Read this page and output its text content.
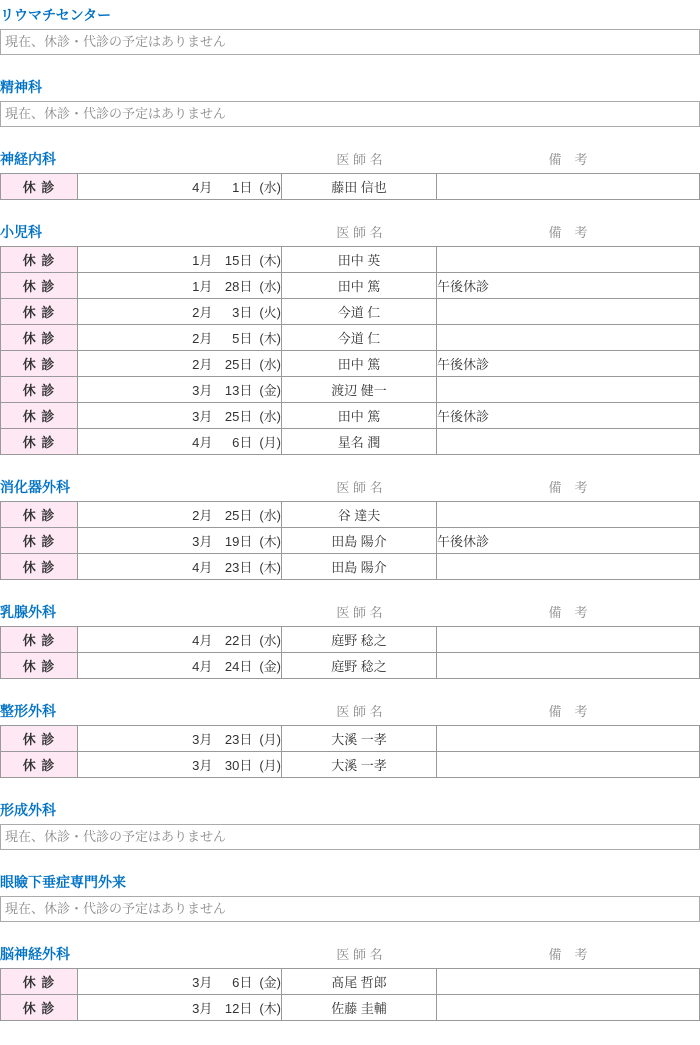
リウマチセンター
現在、休診・代診の予定はありません
精神科
現在、休診・代診の予定はありません
神経内科	医 師 名	備　考
休 診	4月 1日 (水)	藤田 信也	
小児科	医 師 名	備　考
休 診	1月 15日 (木)	田中 英	
休 診	1月 28日 (水)	田中 篤	午後休診
休 診	2月 3日 (火)	今道 仁	
休 診	2月 5日 (木)	今道 仁	
休 診	2月 25日 (水)	田中 篤	午後休診
休 診	3月 13日 (金)	渡辺 健一	
休 診	3月 25日 (水)	田中 篤	午後休診
休 診	4月 6日 (月)	星名 潤	
消化器外科	医 師 名	備　考
休 診	2月 25日 (水)	谷 達夫	
休 診	3月 19日 (木)	田島 陽介	午後休診
休 診	4月 23日 (木)	田島 陽介	
乳腺外科	医 師 名	備　考
休 診	4月 22日 (水)	庭野 稔之	
休 診	4月 24日 (金)	庭野 稔之	
整形外科	医 師 名	備　考
休 診	3月 23日 (月)	大溪 一孝	
休 診	3月 30日 (月)	大溪 一孝	
形成外科
現在、休診・代診の予定はありません
眼瞼下垂症専門外来
現在、休診・代診の予定はありません
脳神経外科	医 師 名	備　考
休 診	3月 6日 (金)	髙尾 哲郎	
休 診	3月 12日 (木)	佐藤 圭輔	
